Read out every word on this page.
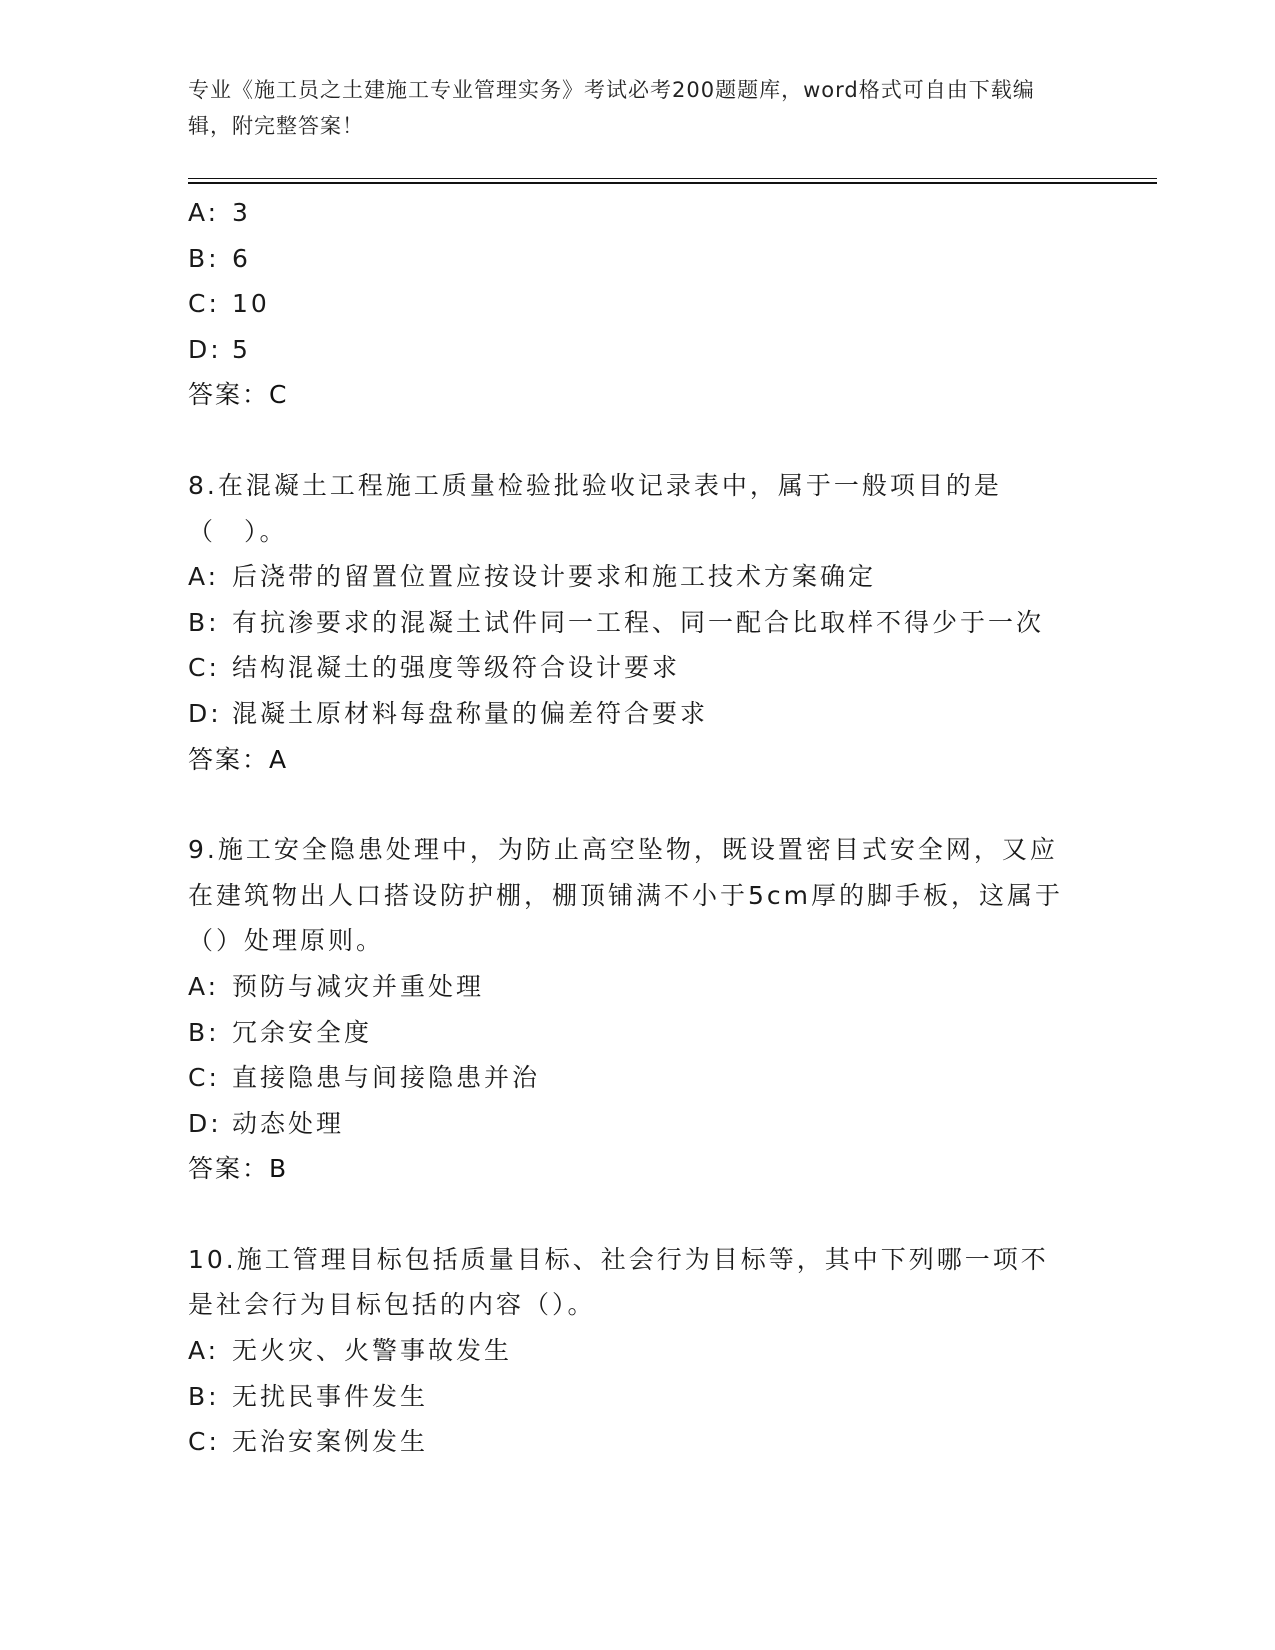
专业《施工员之土建施工专业管理实务》考试必考200题题库，word格式可自由下载编辑，附完整答案！
A: 3
B: 6
C: 10
D: 5
答案：C
8.在混凝土工程施工质量检验批验收记录表中，属于一般项目的是（　）。
A: 后浇带的留置位置应按设计要求和施工技术方案确定
B: 有抗渗要求的混凝土试件同一工程、同一配合比取样不得少于一次
C: 结构混凝土的强度等级符合设计要求
D: 混凝土原材料每盘称量的偏差符合要求
答案：A
9.施工安全隐患处理中，为防止高空坠物，既设置密目式安全网，又应在建筑物出人口搭设防护棚，棚顶铺满不小于5cm厚的脚手板，这属于（）处理原则。
A: 预防与减灾并重处理
B: 冗余安全度
C: 直接隐患与间接隐患并治
D: 动态处理
答案：B
10.施工管理目标包括质量目标、社会行为目标等，其中下列哪一项不是社会行为目标包括的内容（）。
A: 无火灾、火警事故发生
B: 无扰民事件发生
C: 无治安案例发生
